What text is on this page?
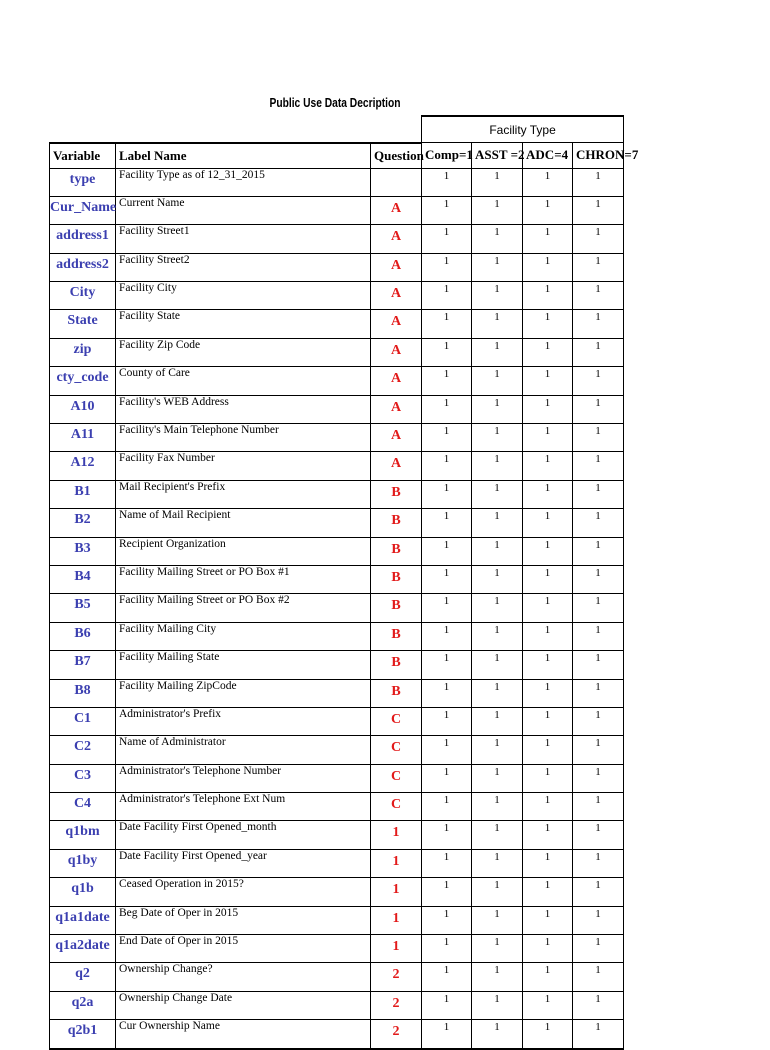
Public Use Data Decription
			Facility Type			
Variable	Label Name	Question	Comp=1	ASST =2	ADC=4	CHRON=7
type	Facility Type as of 12_31_2015		1	1	1	1
Cur_Name	Current Name	A	1	1	1	1
address1	Facility Street1	A	1	1	1	1
address2	Facility Street2	A	1	1	1	1
City	Facility City	A	1	1	1	1
State	Facility State	A	1	1	1	1
zip	Facility Zip Code	A	1	1	1	1
cty_code	County of Care	A	1	1	1	1
A10	Facility's WEB Address	A	1	1	1	1
A11	Facility's Main Telephone Number	A	1	1	1	1
A12	Facility Fax Number	A	1	1	1	1
B1	Mail Recipient's Prefix	B	1	1	1	1
B2	Name of Mail Recipient	B	1	1	1	1
B3	Recipient Organization	B	1	1	1	1
B4	Facility Mailing Street or PO Box #1	B	1	1	1	1
B5	Facility Mailing Street or PO Box #2	B	1	1	1	1
B6	Facility Mailing City	B	1	1	1	1
B7	Facility Mailing State	B	1	1	1	1
B8	Facility Mailing ZipCode	B	1	1	1	1
C1	Administrator's Prefix	C	1	1	1	1
C2	Name of Administrator	C	1	1	1	1
C3	Administrator's Telephone Number	C	1	1	1	1
C4	Administrator's Telephone Ext Num	C	1	1	1	1
q1bm	Date Facility First Opened_month	1	1	1	1	1
q1by	Date Facility First Opened_year	1	1	1	1	1
q1b	Ceased Operation in 2015?	1	1	1	1	1
q1a1date	Beg Date of Oper in 2015	1	1	1	1	1
q1a2date	End Date of Oper in 2015	1	1	1	1	1
q2	Ownership Change?	2	1	1	1	1
q2a	Ownership Change Date	2	1	1	1	1
q2b1	Cur Ownership Name	2	1	1	1	1
